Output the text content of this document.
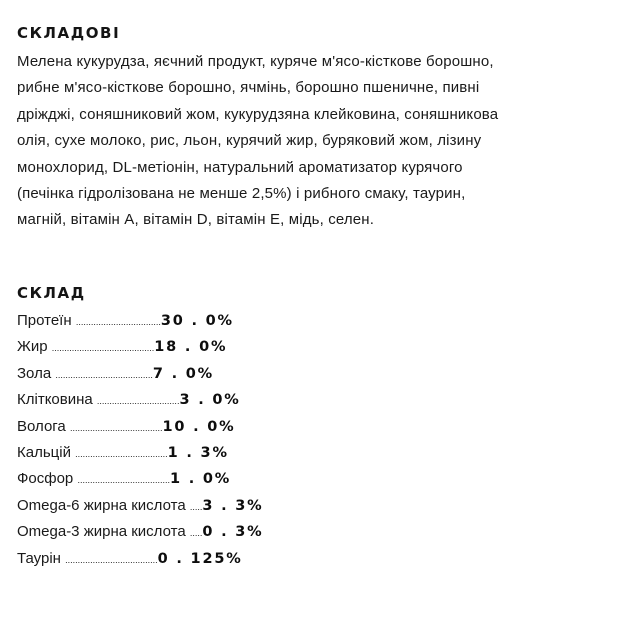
СКЛАДОВІ

Мелена кукурудза, яєчний продукт, куряче м'ясо-кісткове борошно,
рибне м'ясо-кісткове борошно, ячмінь, борошно пшеничне, пивні
дріжджі, соняшниковий жом, кукурудзяна клейковина, соняшникова
олія, сухе молоко, рис, льон, курячий жир, буряковий жом, лізину
монохлорид, DL-метіонін, натуральний ароматизатор курячого
(печінка гідролізована не менше 2,5%) і рибного смаку, таурин,
магній, вітамін А, вітамін D, вітамін Е, мідь, селен.

СКЛАД
Протеїн ..................................30 . 0%
Жир .........................................18 . 0%
Зола .......................................7 . 0%
Клітковина .................................3 . 0%
Волога .....................................10 . 0%
Кальцій .....................................1 . 3%
Фосфор .....................................1 . 0%
Omega-6 жирна кислота .....3 . 3%
Omega-3 жирна кислота .....0 . 3%
Таурін .....................................0 . 125%
